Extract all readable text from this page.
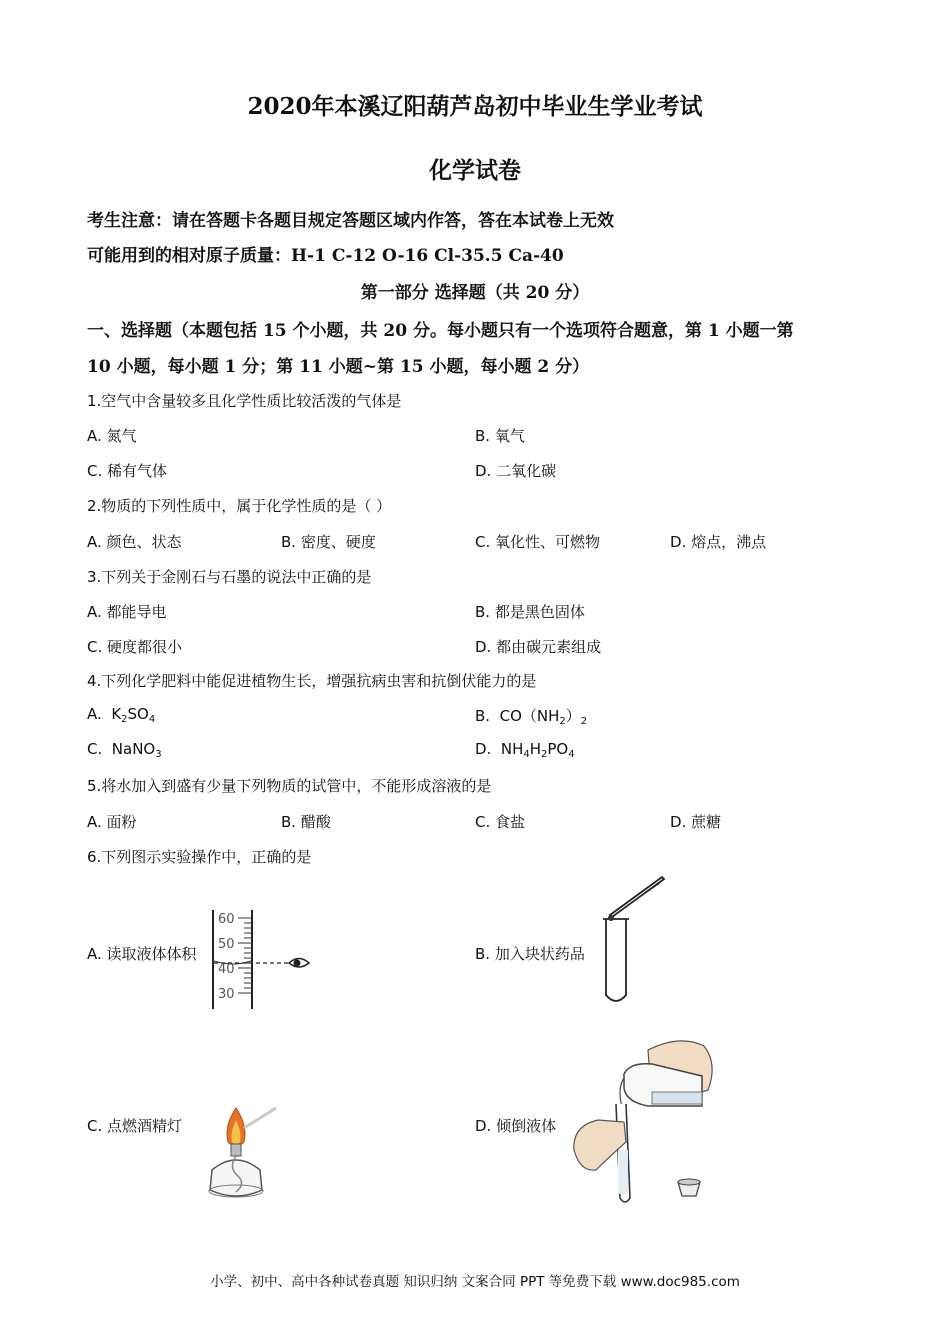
2020年本溪辽阳葫芦岛初中毕业生学业考试
化学试卷
考生注意：请在答题卡各题目规定答题区域内作答，答在本试卷上无效
可能用到的相对原子质量：H-1 C-12 O-16 Cl-35.5 Ca-40
第一部分 选择题（共 20 分）
一、选择题（本题包括 15 个小题，共 20 分。每小题只有一个选项符合题意，第 1 小题一第
10 小题，每小题 1 分；第 11 小题~第 15 小题，每小题 2 分）
1.空气中含量较多且化学性质比较活泼的气体是
A. 氮气	B. 氧气
C. 稀有气体	D. 二氧化碳
2.物质的下列性质中，属于化学性质的是（ ）
A. 颜色、状态	B. 密度、硬度	C. 氧化性、可燃物	D. 熔点，沸点
3.下列关于金刚石与石墨的说法中正确的是
A. 都能导电	B. 都是黑色固体
C. 硬度都很小	D. 都由碳元素组成
4.下列化学肥料中能促进植物生长，增强抗病虫害和抗倒伏能力的是
A.  $K_2SO_4$	B.  $CO(NH_2)_2$
C.  NaNO$_3$	D.  $NH_4H_2PO_4$
5.将水加入到盛有少量下列物质的试管中，不能形成溶液的是
A. 面粉	B. 醋酸	C. 食盐	D. 蔗糖
6.下列图示实验操作中，正确的是
A. 读取液体体积	B. 加入块状药品
C. 点燃酒精灯	D. 倾倒液体
60
50
40
30
小学、初中、高中各种试卷真题 知识归纳 文案合同 PPT 等免费下载 www.doc985.com
